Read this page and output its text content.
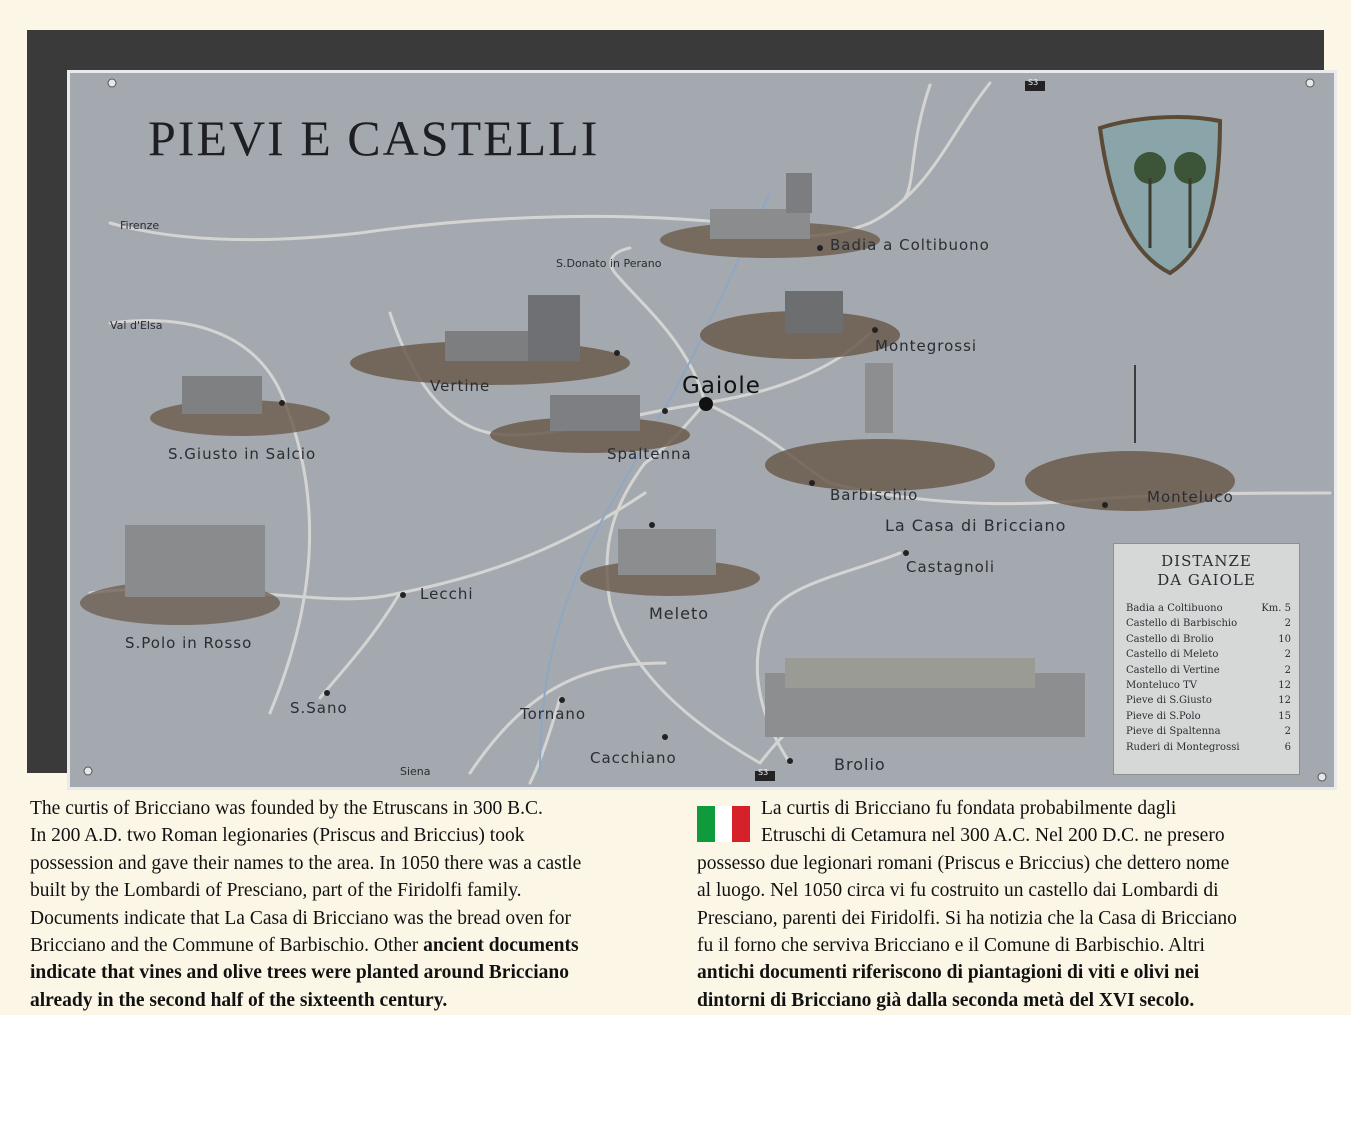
PIEVI E CASTELLI
Firenze
Val d'Elsa
S.Donato in Perano
Badia a Coltibuono
Montegrossi
Vertine	Gaiole
Spaltenna
S.Giusto in Salcio
Barbischio	Monteluco
La Casa di Bricciano
Castagnoli
Lecchi
Meleto
S.Polo in Rosso
S.Sano	Tornano
Cacchiano	Brolio
Siena
S3
S3
DISTANZE
DA GAIOLE
Badia a Coltibuono	Km. 5
Castello di Barbischio	2
Castello di Brolio	10
Castello di Meleto	2
Castello di Vertine	2
Monteluco TV	12
Pieve di S.Giusto	12
Pieve di S.Polo	15
Pieve di Spaltenna	2
Ruderi di Montegrossi	6
The curtis of Bricciano was founded by the Etruscans in 300 B.C.
In 200 A.D. two Roman legionaries (Priscus and Briccius) took
possession and gave their names to the area. In 1050 there was a castle
built by the Lombardi of Presciano, part of the Firidolfi family.
Documents indicate that La Casa di Bricciano was the bread oven for
Bricciano and the Commune of Barbischio. Other ancient documents
indicate that vines and olive trees were planted around Bricciano
already in the second half of the sixteenth century.
La curtis di Bricciano fu fondata probabilmente dagli
Etruschi di Cetamura nel 300 A.C. Nel 200 D.C. ne presero
possesso due legionari romani (Priscus e Briccius) che dettero nome
al luogo. Nel 1050 circa vi fu costruito un castello dai Lombardi di
Presciano, parenti dei Firidolfi. Si ha notizia che la Casa di Bricciano
fu il forno che serviva Bricciano e il Comune di Barbischio. Altri
antichi documenti riferiscono di piantagioni di viti e olivi nei
dintorni di Bricciano già dalla seconda metà del XVI secolo.
